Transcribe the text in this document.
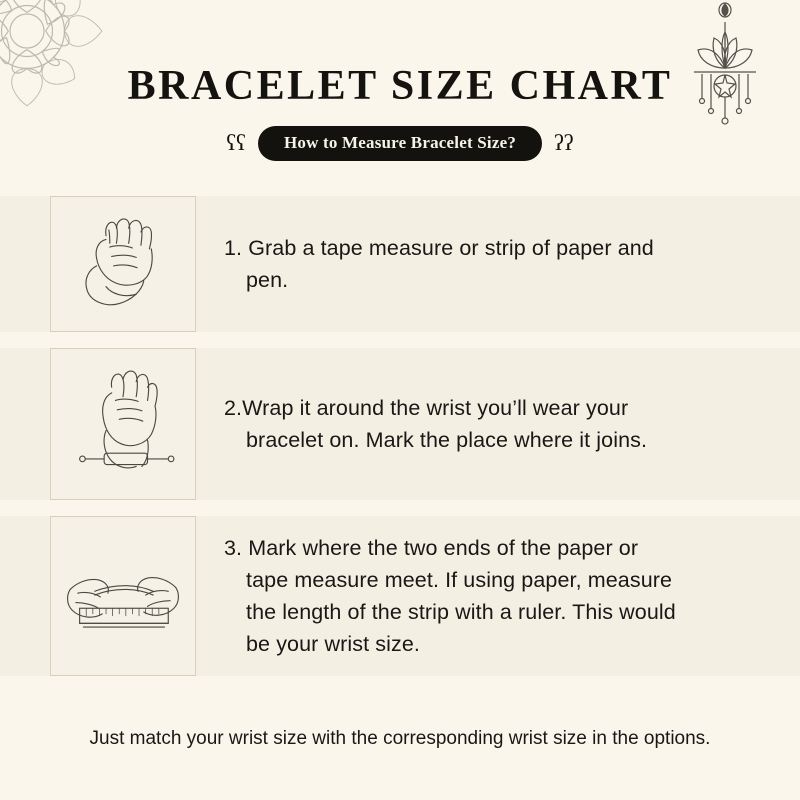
BRACELET SIZE CHART
ʕʕ	How to Measure Bracelet Size?	ʕʕ
1. Grab a tape measure or strip of paper and
pen.
2.Wrap it around the wrist you’ll wear your
bracelet on. Mark the place where it joins.
3. Mark where the two ends of the paper or
tape measure meet. If using paper, measure
the length of the strip with a ruler. This would
be your wrist size.
Just match your wrist size with the corresponding wrist size in the options.
